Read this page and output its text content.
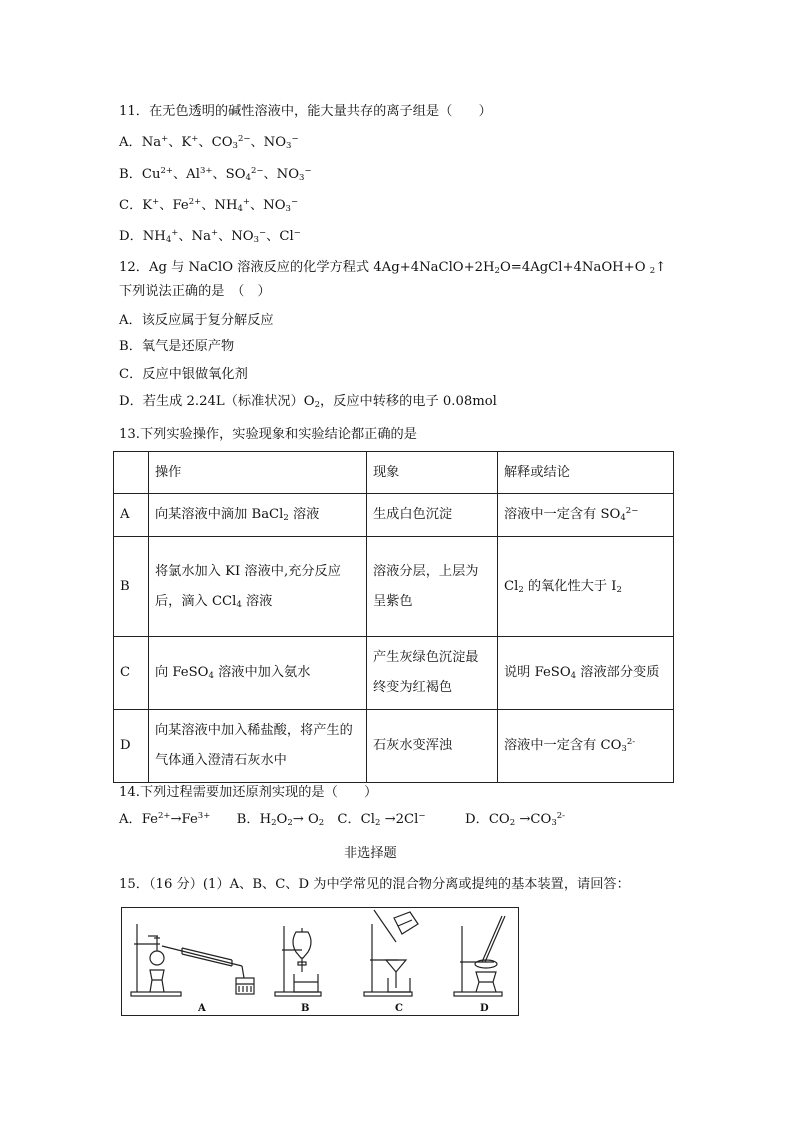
11．在无色透明的碱性溶液中，能大量共存的离子组是（　　）
A．Na+、K+、$CO_3^{2-}$、$NO_3^-$
B．$Cu^{2+}$、$Al^{3+}$、$SO_4^{2-}$、$NO_3^-$
C．K+、$Fe^{2+}$、$NH_4^+$、$NO_3^-$
D．$NH_4^+$、Na+、$NO_3^-$、Cl−
12．Ag 与 NaClO 溶液反应的化学方程式 $4Ag+4NaClO+2H_2O=4AgCl+4NaOH+O$ $_2$↑
下列说法正确的是　（　）
A．该反应属于复分解反应
B．氧气是还原产物
C．反应中银做氧化剂
D．若生成 2.24L（标准状况）$O_2$，反应中转移的电子 0.08mol
13.下列实验操作，实验现象和实验结论都正确的是
	操作	现象	解释或结论
A	向某溶液中滴加 BaCl$_2$ 溶液	生成白色沉淀	溶液中一定含有 $SO_4^{2-}$
B	将氯水加入 KI 溶液中,充分反应后，滴入 CCl$_4$ 溶液	溶液分层，上层为呈紫色	$Cl_2$ 的氧化性大于 $I_2$
C	向 FeSO$_4$ 溶液中加入氨水	产生灰绿色沉淀最终变为红褐色	说明 FeSO$_4$ 溶液部分变质
D	向某溶液中加入稀盐酸，将产生的气体通入澄清石灰水中	石灰水变浑浊	溶液中一定含有 $CO_3^{2-}$
14.下列过程需要加还原剂实现的是（　　）
A．$Fe^{2+}\to Fe^{3+}$　　B．$H_2O_2\to O_2$　C．$Cl_2 \to 2Cl^-$　　　D．$CO_2 \to CO_3^{2-}$
非选择题
15．（16 分）(1）A、B、C、D 为中学常见的混合物分离或提纯的基本装置，请回答：
A	B	C	D
